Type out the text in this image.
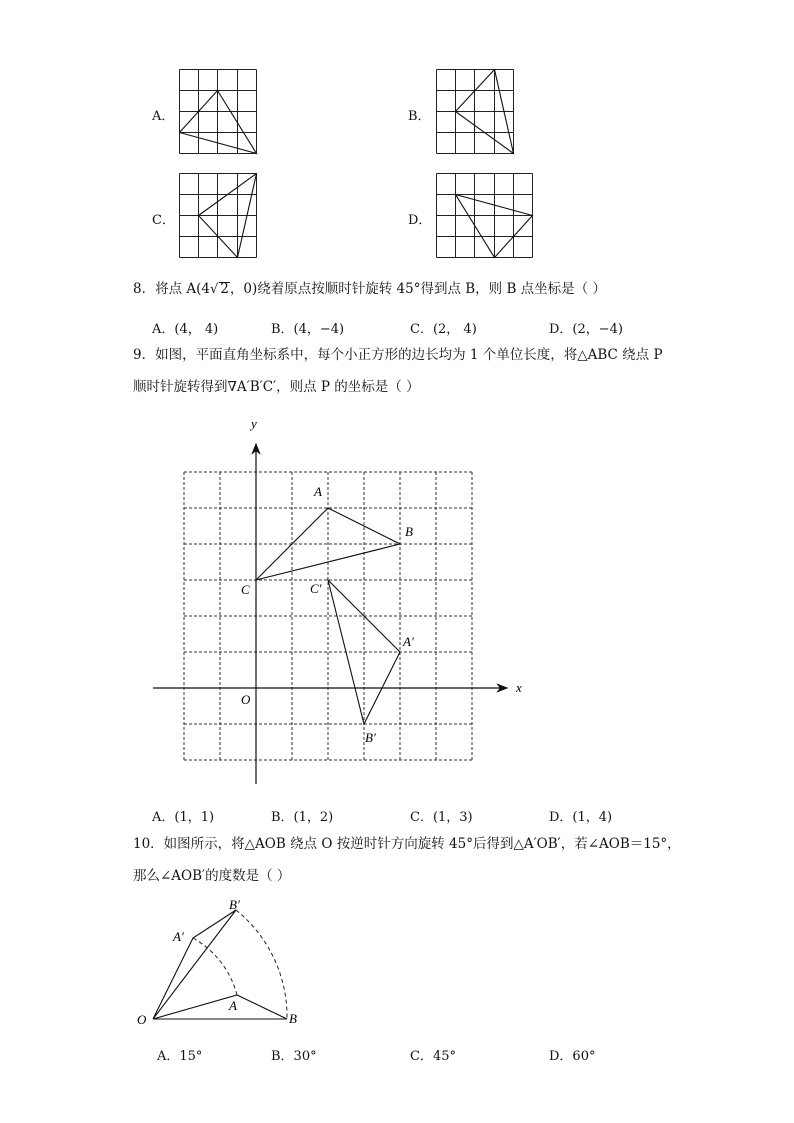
A．	B．
C．	D．
8．将点 A(4√ 2，0)绕着原点按顺时针旋转 45°得到点 B，则 B 点坐标是（ ）
A．(4， 4)	B．(4，−4)	C．(2， 4)	D．(2，−4)
9．如图，平面直角坐标系中，每个小正方形的边长均为 1 个单位长度，将△ABC 绕点 P
顺时针旋转得到∇A′B′C′，则点 P 的坐标是（ ）
x
y
O
A
B
C	C′
A′
B′
A．(1，1)	B．(1，2)	C．(1，3)	D．(1，4)
10．如图所示，将△AOB 绕点 O 按逆时针方向旋转 45°后得到△A′OB′，若∠AOB＝15°，
那么∠AOB′的度数是（ ）
O
A
B
A′
B′
A．15°	B．30°	C．45°	D．60°
